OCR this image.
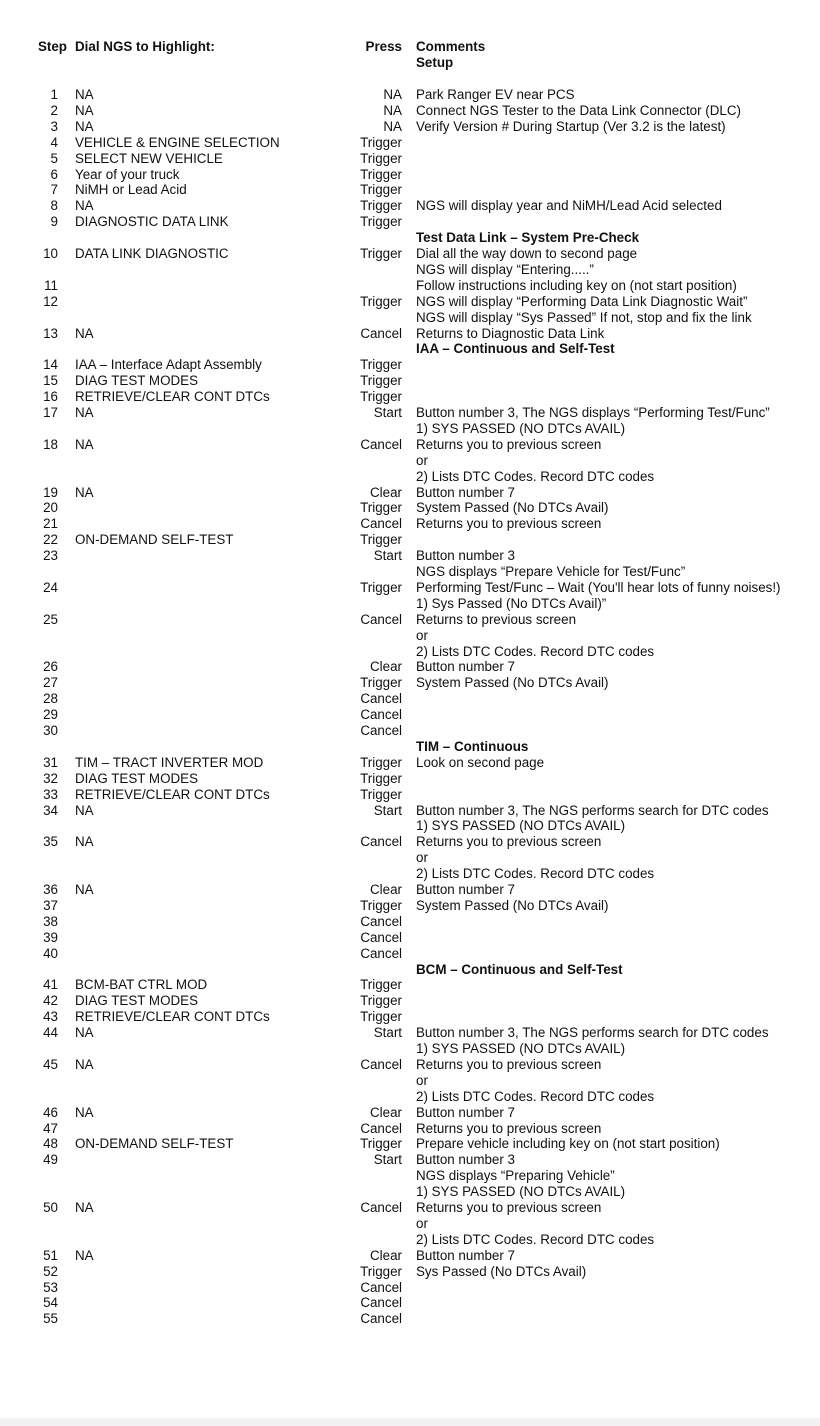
Step Dial NGS to Highlight:	Press Comments
Setup
1 NA	NA Park Ranger EV near PCS
2 NA	NA Connect NGS Tester to the Data Link Connector (DLC)
3 NA	NA Verify Version # During Startup (Ver 3.2 is the latest)
4 VEHICLE & ENGINE SELECTION	Trigger
5 SELECT NEW VEHICLE	Trigger
6 Year of your truck	Trigger
7 NiMH or Lead Acid	Trigger
8 NA	Trigger NGS will display year and NiMH/Lead Acid selected
9 DIAGNOSTIC DATA LINK	Trigger
Test Data Link – System Pre-Check
10 DATA LINK DIAGNOSTIC	Trigger Dial all the way down to second page
NGS will display “Entering.....”
11	Follow instructions including key on (not start position)
12	Trigger NGS will display “Performing Data Link Diagnostic Wait”
NGS will display “Sys Passed” If not, stop and fix the link
13 NA	Cancel Returns to Diagnostic Data Link
IAA – Continuous and Self-Test
14 IAA – Interface Adapt Assembly	Trigger
15 DIAG TEST MODES	Trigger
16 RETRIEVE/CLEAR CONT DTCs	Trigger
17 NA	Start Button number 3, The NGS displays “Performing Test/Func”
1) SYS PASSED (NO DTCs AVAIL)
18 NA	Cancel Returns you to previous screen
or
2) Lists DTC Codes. Record DTC codes
19 NA	Clear Button number 7
20	Trigger System Passed (No DTCs Avail)
21	Cancel Returns you to previous screen
22 ON-DEMAND SELF-TEST	Trigger
23	Start Button number 3
NGS displays “Prepare Vehicle for Test/Func”
24	Trigger Performing Test/Func – Wait (You'll hear lots of funny noises!)
1) Sys Passed (No DTCs Avail)”
25	Cancel Returns to previous screen
or
2) Lists DTC Codes. Record DTC codes
26	Clear Button number 7
27	Trigger System Passed (No DTCs Avail)
28	Cancel
29	Cancel
30	Cancel
TIM – Continuous
31 TIM – TRACT INVERTER MOD	Trigger Look on second page
32 DIAG TEST MODES	Trigger
33 RETRIEVE/CLEAR CONT DTCs	Trigger
34 NA	Start Button number 3, The NGS performs search for DTC codes
1) SYS PASSED (NO DTCs AVAIL)
35 NA	Cancel Returns you to previous screen
or
2) Lists DTC Codes. Record DTC codes
36 NA	Clear Button number 7
37	Trigger System Passed (No DTCs Avail)
38	Cancel
39	Cancel
40	Cancel
BCM – Continuous and Self-Test
41 BCM-BAT CTRL MOD	Trigger
42 DIAG TEST MODES	Trigger
43 RETRIEVE/CLEAR CONT DTCs	Trigger
44 NA	Start Button number 3, The NGS performs search for DTC codes
1) SYS PASSED (NO DTCs AVAIL)
45 NA	Cancel Returns you to previous screen
or
2) Lists DTC Codes. Record DTC codes
46 NA	Clear Button number 7
47	Cancel Returns you to previous screen
48 ON-DEMAND SELF-TEST	Trigger Prepare vehicle including key on (not start position)
49	Start Button number 3
NGS displays “Preparing Vehicle”
1) SYS PASSED (NO DTCs AVAIL)
50 NA	Cancel Returns you to previous screen
or
2) Lists DTC Codes. Record DTC codes
51 NA	Clear Button number 7
52	Trigger Sys Passed (No DTCs Avail)
53	Cancel
54	Cancel
55	Cancel
